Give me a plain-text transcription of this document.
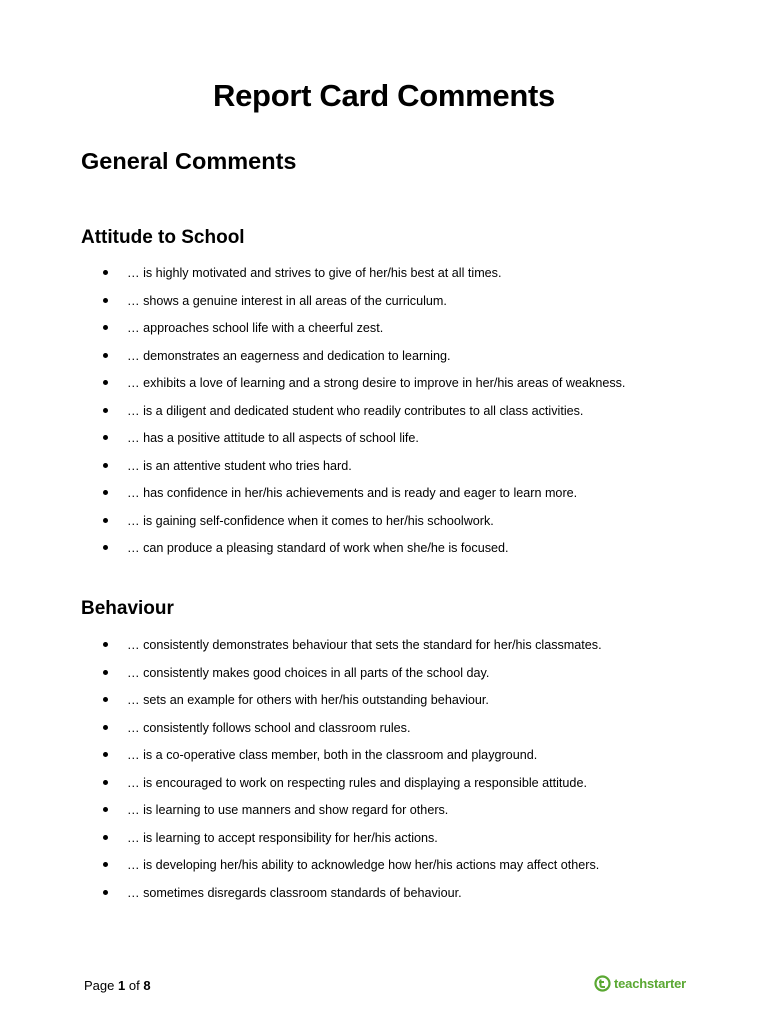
Report Card Comments
General Comments
Attitude to School
… is highly motivated and strives to give of her/his best at all times.
… shows a genuine interest in all areas of the curriculum.
… approaches school life with a cheerful zest.
… demonstrates an eagerness and dedication to learning.
… exhibits a love of learning and a strong desire to improve in her/his areas of weakness.
… is a diligent and dedicated student who readily contributes to all class activities.
… has a positive attitude to all aspects of school life.
… is an attentive student who tries hard.
… has confidence in her/his achievements and is ready and eager to learn more.
… is gaining self-confidence when it comes to her/his schoolwork.
… can produce a pleasing standard of work when she/he is focused.
Behaviour
… consistently demonstrates behaviour that sets the standard for her/his classmates.
… consistently makes good choices in all parts of the school day.
… sets an example for others with her/his outstanding behaviour.
… consistently follows school and classroom rules.
… is a co-operative class member, both in the classroom and playground.
… is encouraged to work on respecting rules and displaying a responsible attitude.
… is learning to use manners and show regard for others.
… is learning to accept responsibility for her/his actions.
… is developing her/his ability to acknowledge how her/his actions may affect others.
… sometimes disregards classroom standards of behaviour.
Page 1 of 8	teachstarter
